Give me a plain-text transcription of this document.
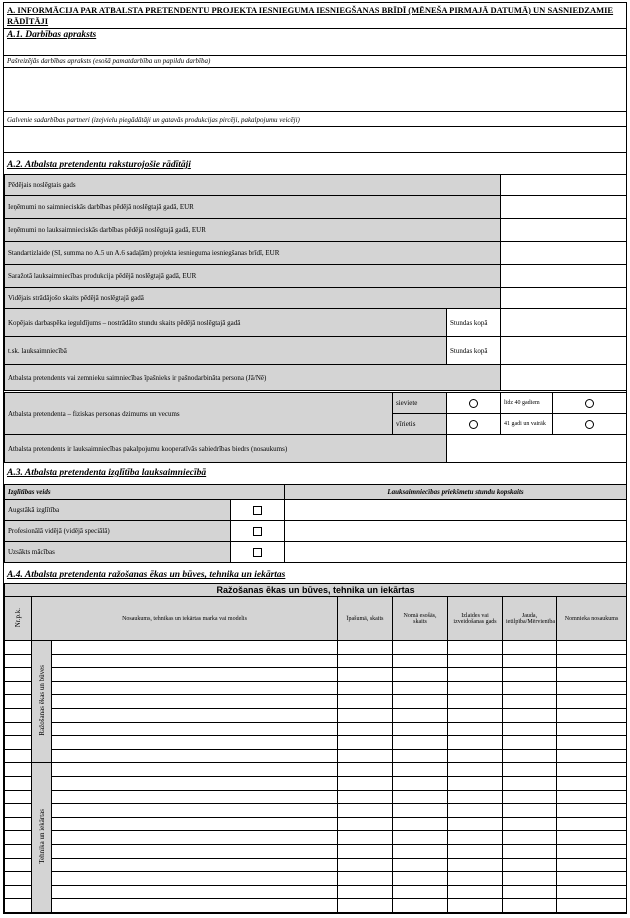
A. INFORMĀCIJA PAR ATBALSTA PRETENDENTU PROJEKTA IESNIEGUMA IESNIEGŠANAS BRĪDĪ (MĒNEŠA PIRMAJĀ DATUMĀ) UN SASNIEDZAMIE RĀDĪTĀJI
A.1. Darbības apraksts
Pašreizējās darbības apraksts (esošā pamatdarbība un papildu darbība)
Galvenie sadarbības partneri (izejvielu piegādātāji un gatavās produkcijas pircēji, pakalpojumu veicēji)
A.2. Atbalsta pretendentu raksturojošie rādītāji
Pēdējais noslēgtais gads		
Ieņēmumi no saimnieciskās darbības pēdējā noslēgtajā gadā, EUR		
Ieņēmumi no lauksaimnieciskās darbības pēdējā noslēgtajā gadā, EUR		
Standartizlaide (SI, summa no A.5 un A.6 sadaļām) projekta iesnieguma iesniegšanas brīdī, EUR		
Saražotā lauksaimniecības produkcija pēdējā noslēgtajā gadā, EUR		
Vidējais strādājošo skaits pēdējā noslēgtajā gadā		
Kopējais darbaspēka ieguldījums – nostrādāto stundu skaits pēdējā noslēgtajā gadā	Stundas kopā	
t.sk. lauksaimniecībā	Stundas kopā	
Atbalsta pretendents vai zemnieku saimniecības īpašnieks ir pašnodarbināta persona (Jā/Nē)		
Atbalsta pretendenta – fiziskas personas dzimums un vecums	sieviete		līdz 40 gadiem	
	vīrietis		41 gadi un vairāk	
Atbalsta pretendents ir lauksaimniecības pakalpojumu kooperatīvās sabiedrības biedrs (nosaukums)	
A.3. Atbalsta pretendenta izglītība lauksaimniecībā
Izglītības veids		Lauksaimniecības priekšmetu stundu kopskaits
Augstākā izglītība		
Profesionālā vidējā (vidējā speciālā)		
Uzsākts mācības		
A.4. Atbalsta pretendenta ražošanas ēkas un būves, tehnika un iekārtas
Ražošanas ēkas un būves, tehnika un iekārtas							
Nr.p.k.	Nosaukums, tehnikas un iekārtas marka vai modelis		Īpašumā, skaits	Nomā esošās, skaits	Izlaides vai izveidošanas gads	Jauda, ietilpība/Mērvienība	Nomnieka nosaukums
	Ražošanas ēkas un būves						

	Tehnika un iekārtas						
